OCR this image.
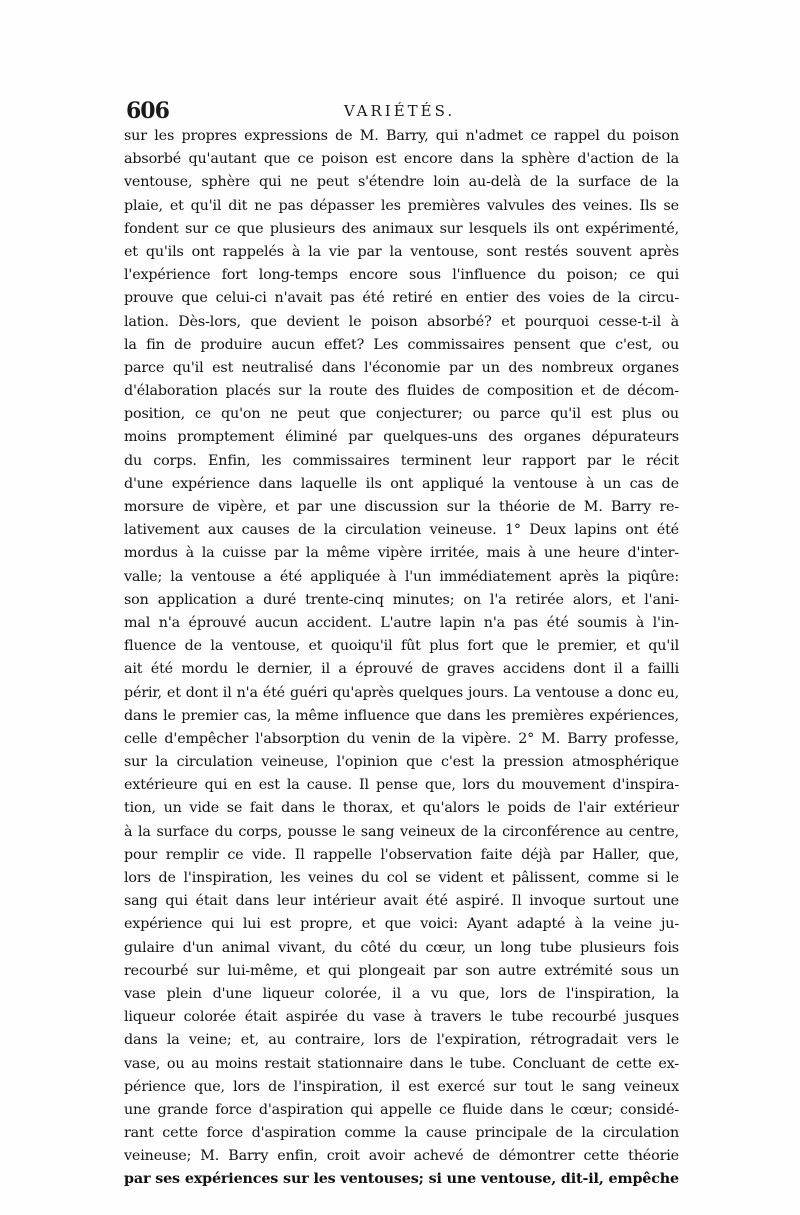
606	VARIÉTÉS.
sur les propres expressions de M. Barry, qui n'admet ce rappel du poison
absorbé qu'autant que ce poison est encore dans la sphère d'action de la
ventouse, sphère qui ne peut s'étendre loin au-delà de la surface de la
plaie, et qu'il dit ne pas dépasser les premières valvules des veines. Ils se
fondent sur ce que plusieurs des animaux sur lesquels ils ont expérimenté,
et qu'ils ont rappelés à la vie par la ventouse, sont restés souvent après
l'expérience fort long-temps encore sous l'influence du poison; ce qui
prouve que celui-ci n'avait pas été retiré en entier des voies de la circu-
lation. Dès-lors, que devient le poison absorbé? et pourquoi cesse-t-il à
la fin de produire aucun effet? Les commissaires pensent que c'est, ou
parce qu'il est neutralisé dans l'économie par un des nombreux organes
d'élaboration placés sur la route des fluides de composition et de décom-
position, ce qu'on ne peut que conjecturer; ou parce qu'il est plus ou
moins promptement éliminé par quelques-uns des organes dépurateurs
du corps. Enfin, les commissaires terminent leur rapport par le récit
d'une expérience dans laquelle ils ont appliqué la ventouse à un cas de
morsure de vipère, et par une discussion sur la théorie de M. Barry re-
lativement aux causes de la circulation veineuse. 1° Deux lapins ont été
mordus à la cuisse par la même vipère irritée, mais à une heure d'inter-
valle; la ventouse a été appliquée à l'un immédiatement après la piqûre:
son application a duré trente-cinq minutes; on l'a retirée alors, et l'ani-
mal n'a éprouvé aucun accident. L'autre lapin n'a pas été soumis à l'in-
fluence de la ventouse, et quoiqu'il fût plus fort que le premier, et qu'il
ait été mordu le dernier, il a éprouvé de graves accidens dont il a failli
périr, et dont il n'a été guéri qu'après quelques jours. La ventouse a donc eu,
dans le premier cas, la même influence que dans les premières expériences,
celle d'empêcher l'absorption du venin de la vipère. 2° M. Barry professe,
sur la circulation veineuse, l'opinion que c'est la pression atmosphérique
extérieure qui en est la cause. Il pense que, lors du mouvement d'inspira-
tion, un vide se fait dans le thorax, et qu'alors le poids de l'air extérieur
à la surface du corps, pousse le sang veineux de la circonférence au centre,
pour remplir ce vide. Il rappelle l'observation faite déjà par Haller, que,
lors de l'inspiration, les veines du col se vident et pâlissent, comme si le
sang qui était dans leur intérieur avait été aspiré. Il invoque surtout une
expérience qui lui est propre, et que voici: Ayant adapté à la veine ju-
gulaire d'un animal vivant, du côté du cœur, un long tube plusieurs fois
recourbé sur lui-même, et qui plongeait par son autre extrémité sous un
vase plein d'une liqueur colorée, il a vu que, lors de l'inspiration, la
liqueur colorée était aspirée du vase à travers le tube recourbé jusques
dans la veine; et, au contraire, lors de l'expiration, rétrogradait vers le
vase, ou au moins restait stationnaire dans le tube. Concluant de cette ex-
périence que, lors de l'inspiration, il est exercé sur tout le sang veineux
une grande force d'aspiration qui appelle ce fluide dans le cœur; considé-
rant cette force d'aspiration comme la cause principale de la circulation
veineuse; M. Barry enfin, croit avoir achevé de démontrer cette théorie
par ses expériences sur les ventouses; si une ventouse, dit-il, empêche
